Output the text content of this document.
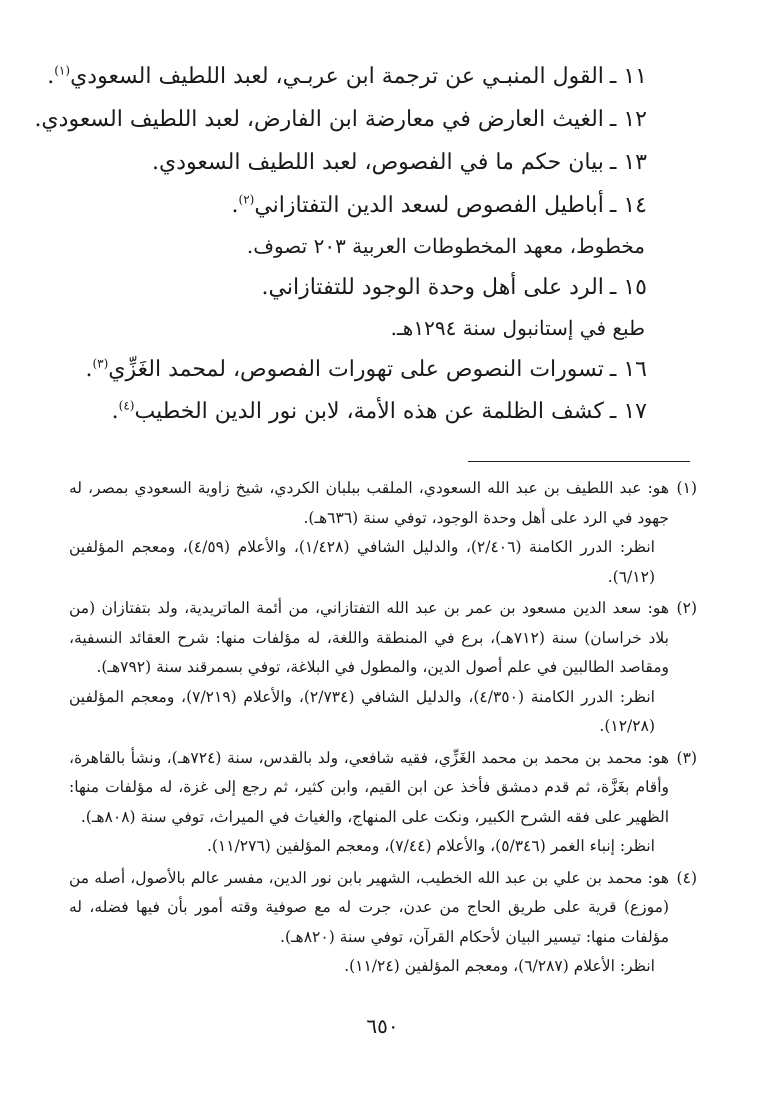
١١ ـالقول المنبـي عن ترجمة ابن عربـي، لعبد اللطيف السعودي$^{(١)}$.
١٢ ـالغيث العارض في معارضة ابن الفارض، لعبد اللطيف السعودي.
١٣ ـبيان حكم ما في الفصوص، لعبد اللطيف السعودي.
١٤ ـأباطيل الفصوص لسعد الدين التفتازاني$^{(٢)}$.
مخطوط، معهد المخطوطات العربية ٢٠٣ تصوف.
١٥ ـالرد على أهل وحدة الوجود للتفتازاني.
طبع في إستانبول سنة ١٢٩٤هـ.
١٦ ـتسورات النصوص على تهورات الفصوص، لمحمد الغَزِّي$^{(٣)}$.
١٧ ـكشف الظلمة عن هذه الأمة، لابن نور الدين الخطيب$^{(٤)}$.
(١)

هو: عبد اللطيف بن عبد الله السعودي، الملقب ببلبان الكردي، شيخ زاوية السعودي بمصر، له جهود في الرد على أهل وحدة الوجود، توفي سنة (٦٣٦هـ).

انظر: الدرر الكامنة (٢/٤٠٦)، والدليل الشافي (١/٤٢٨)، والأعلام (٤/٥٩)، ومعجم المؤلفين (٦/١٢).

(٢)

هو: سعد الدين مسعود بن عمر بن عبد الله التفتازاني، من أئمة الماتريدية، ولد بتفتازان (من بلاد خراسان) سنة (٧١٢هـ)، برع في المنطقة واللغة، له مؤلفات منها: شرح العقائد النسفية، ومقاصد الطالبين في علم أصول الدين، والمطول في البلاغة، توفي بسمرقند سنة (٧٩٢هـ).

انظر: الدرر الكامنة (٤/٣٥٠)، والدليل الشافي (٢/٧٣٤)، والأعلام (٧/٢١٩)، ومعجم المؤلفين (١٢/٢٨).

(٣)

هو: محمد بن محمد بن محمد الغَزِّي، فقيه شافعي، ولد بالقدس، سنة (٧٢٤هـ)، ونشأ بالقاهرة، وأقام بغَزَّة، ثم قدم دمشق فأخذ عن ابن القيم، وابن كثير، ثم رجع إلى غزة، له مؤلفات منها: الظهير على فقه الشرح الكبير، ونكت على المنهاج، والغياث في الميراث، توفي سنة (٨٠٨هـ).

انظر: إنباء الغمر (٥/٣٤٦)، والأعلام (٧/٤٤)، ومعجم المؤلفين (١١/٢٧٦).

(٤)

هو: محمد بن علي بن عبد الله الخطيب، الشهير بابن نور الدين، مفسر عالم بالأصول، أصله من (موزع) قرية على طريق الحاج من عدن، جرت له مع صوفية وقته أمور بأن فيها فضله، له مؤلفات منها: تيسير البيان لأحكام القرآن، توفي سنة (٨٢٠هـ).

انظر: الأعلام (٦/٢٨٧)، ومعجم المؤلفين (١١/٢٤).

٦٥٠
